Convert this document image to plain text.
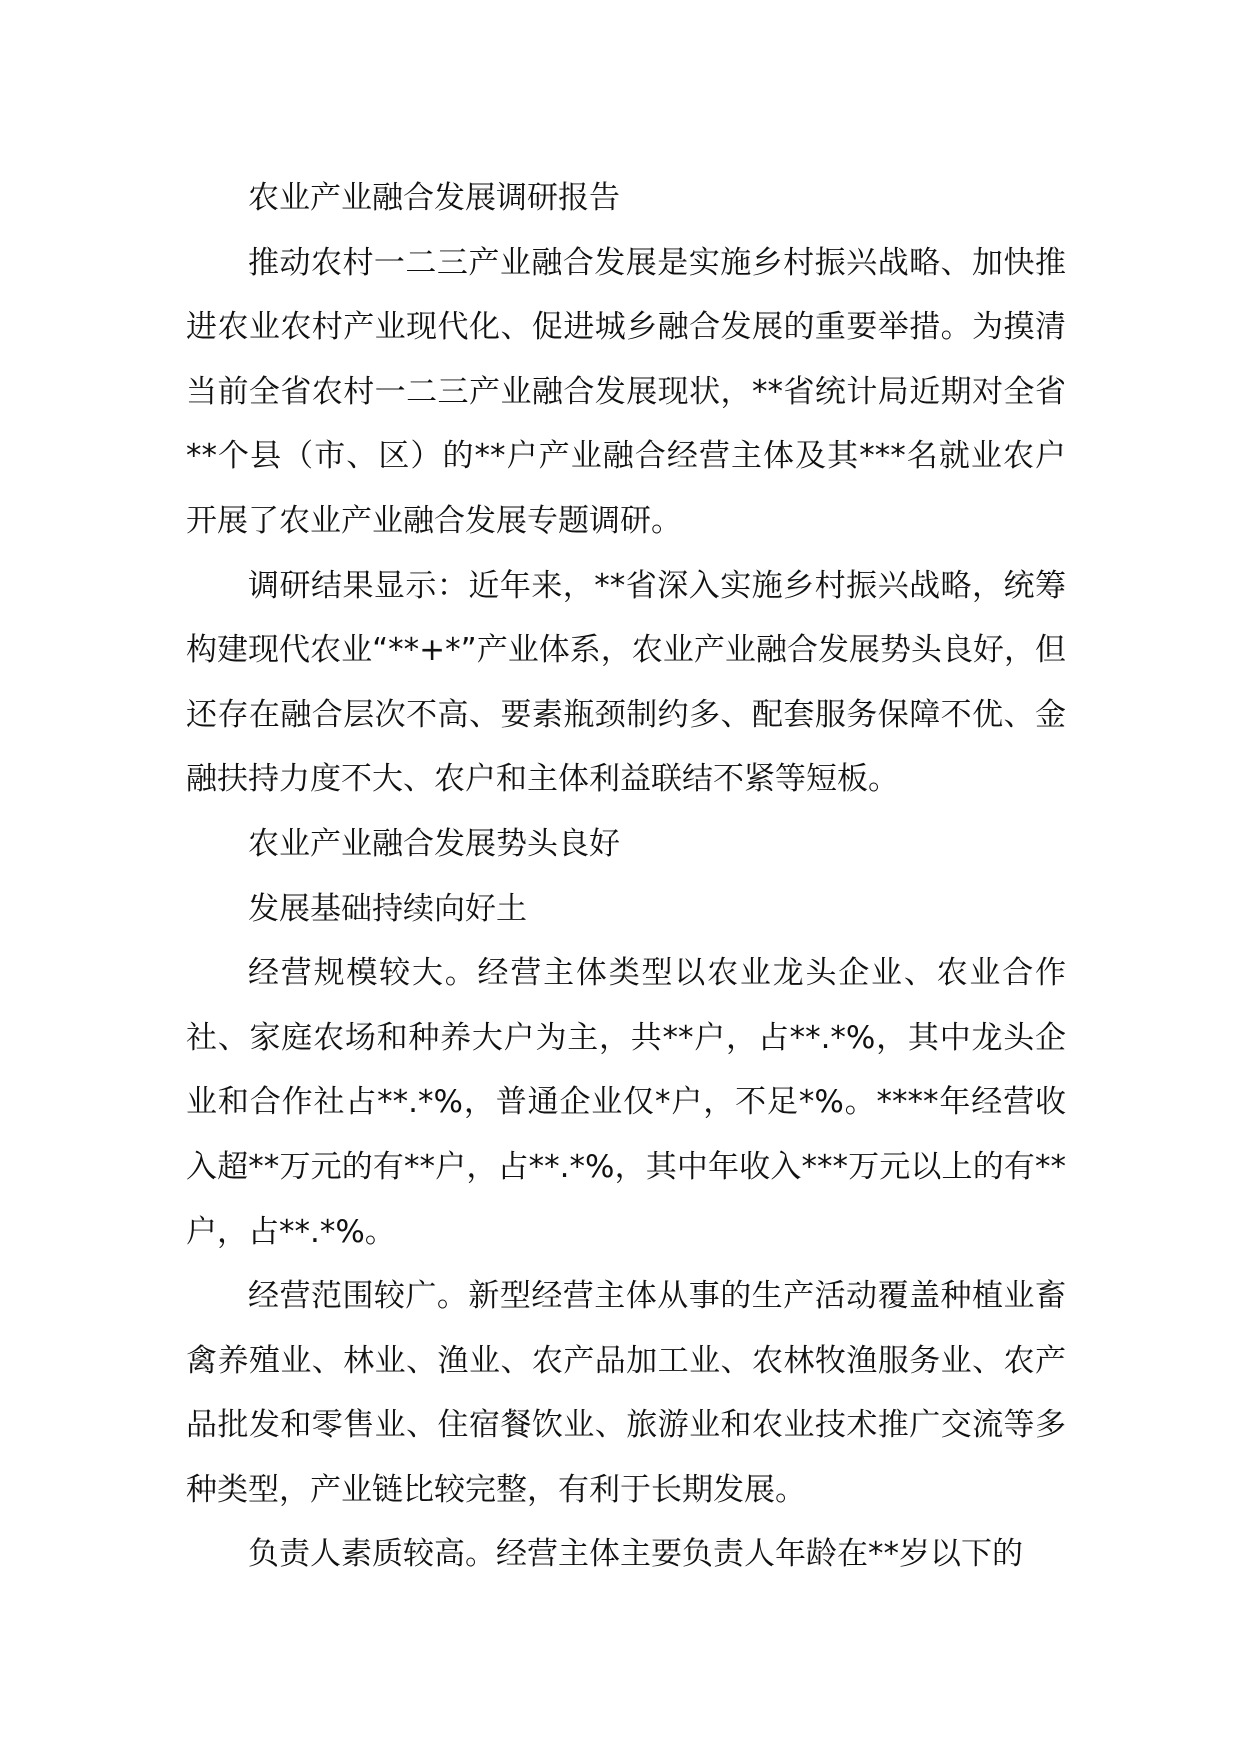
农业产业融合发展调研报告

推动农村一二三产业融合发展是实施乡村振兴战略、加快推进农业农村产业现代化、促进城乡融合发展的重要举措。为摸清当前全省农村一二三产业融合发展现状，**省统计局近期对全省**个县（市、区）的**户产业融合经营主体及其***名就业农户开展了农业产业融合发展专题调研。

调研结果显示：近年来，**省深入实施乡村振兴战略，统筹构建现代农业“**+*”产业体系，农业产业融合发展势头良好，但还存在融合层次不高、要素瓶颈制约多、配套服务保障不优、金融扶持力度不大、农户和主体利益联结不紧等短板。

农业产业融合发展势头良好

发展基础持续向好土

经营规模较大。经营主体类型以农业龙头企业、农业合作社、家庭农场和种养大户为主，共**户，占**.*%，其中龙头企业和合作社占**.*%，普通企业仅*户，不足*%。****年经营收入超**万元的有**户，占**.*%，其中年收入***万元以上的有**户，占**.*%。

经营范围较广。新型经营主体从事的生产活动覆盖种植业畜禽养殖业、林业、渔业、农产品加工业、农林牧渔服务业、农产品批发和零售业、住宿餐饮业、旅游业和农业技术推广交流等多种类型，产业链比较完整，有利于长期发展。

负责人素质较高。经营主体主要负责人年龄在**岁以下的
